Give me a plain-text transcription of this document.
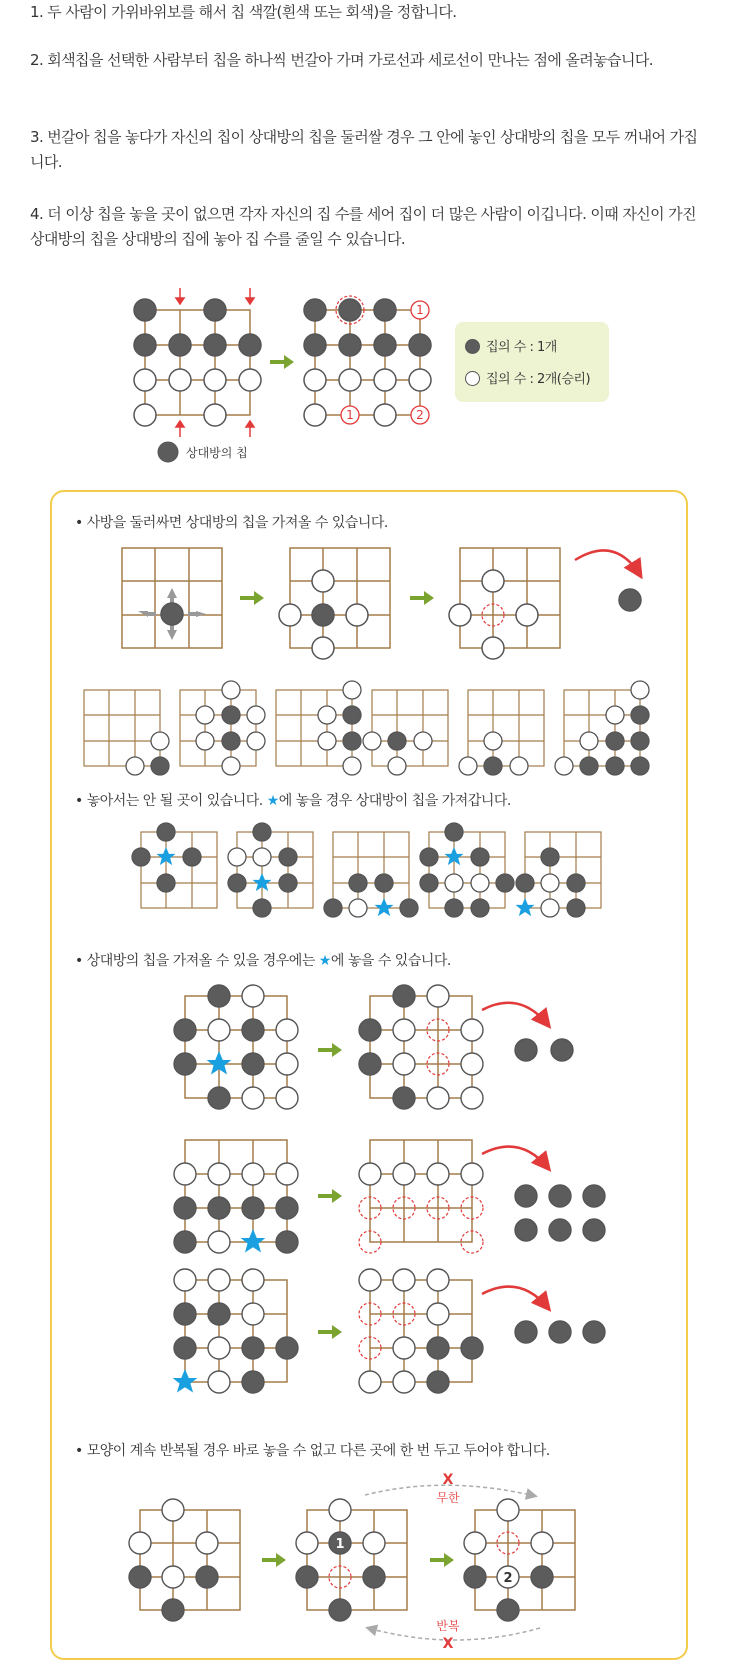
1. 두 사람이 가위바위보를 해서 칩 색깔(흰색 또는 회색)을 정합니다.

2. 회색칩을 선택한 사람부터 칩을 하나씩 번갈아 가며 가로선과 세로선이 만나는 점에 올려놓습니다.

3. 번갈아 칩을 놓다가 자신의 칩이 상대방의 칩을 둘러쌀 경우 그 안에 놓인 상대방의 칩을 모두 꺼내어 가집니다.

4. 더 이상 칩을 놓을 곳이 없으면 각자 자신의 집 수를 세어 집이 더 많은 사람이 이깁니다. 이때 자신이 가진 상대방의 칩을 상대방의 집에 놓아 집 수를 줄일 수 있습니다.

집의 수 : 1개
집의 수 : 2개(승리)
• 사방을 둘러싸면 상대방의 칩을 가져올 수 있습니다.
• 놓아서는 안 될 곳이 있습니다. ★에 놓을 경우 상대방이 칩을 가져갑니다.
• 상대방의 칩을 가져올 수 있을 경우에는 ★에 놓을 수 있습니다.
• 모양이 계속 반복될 경우 바로 놓을 수 없고 다른 곳에 한 번 두고 두어야 합니다.
1
1	2
상대방의 칩
1
2
X
무한
반복
X
